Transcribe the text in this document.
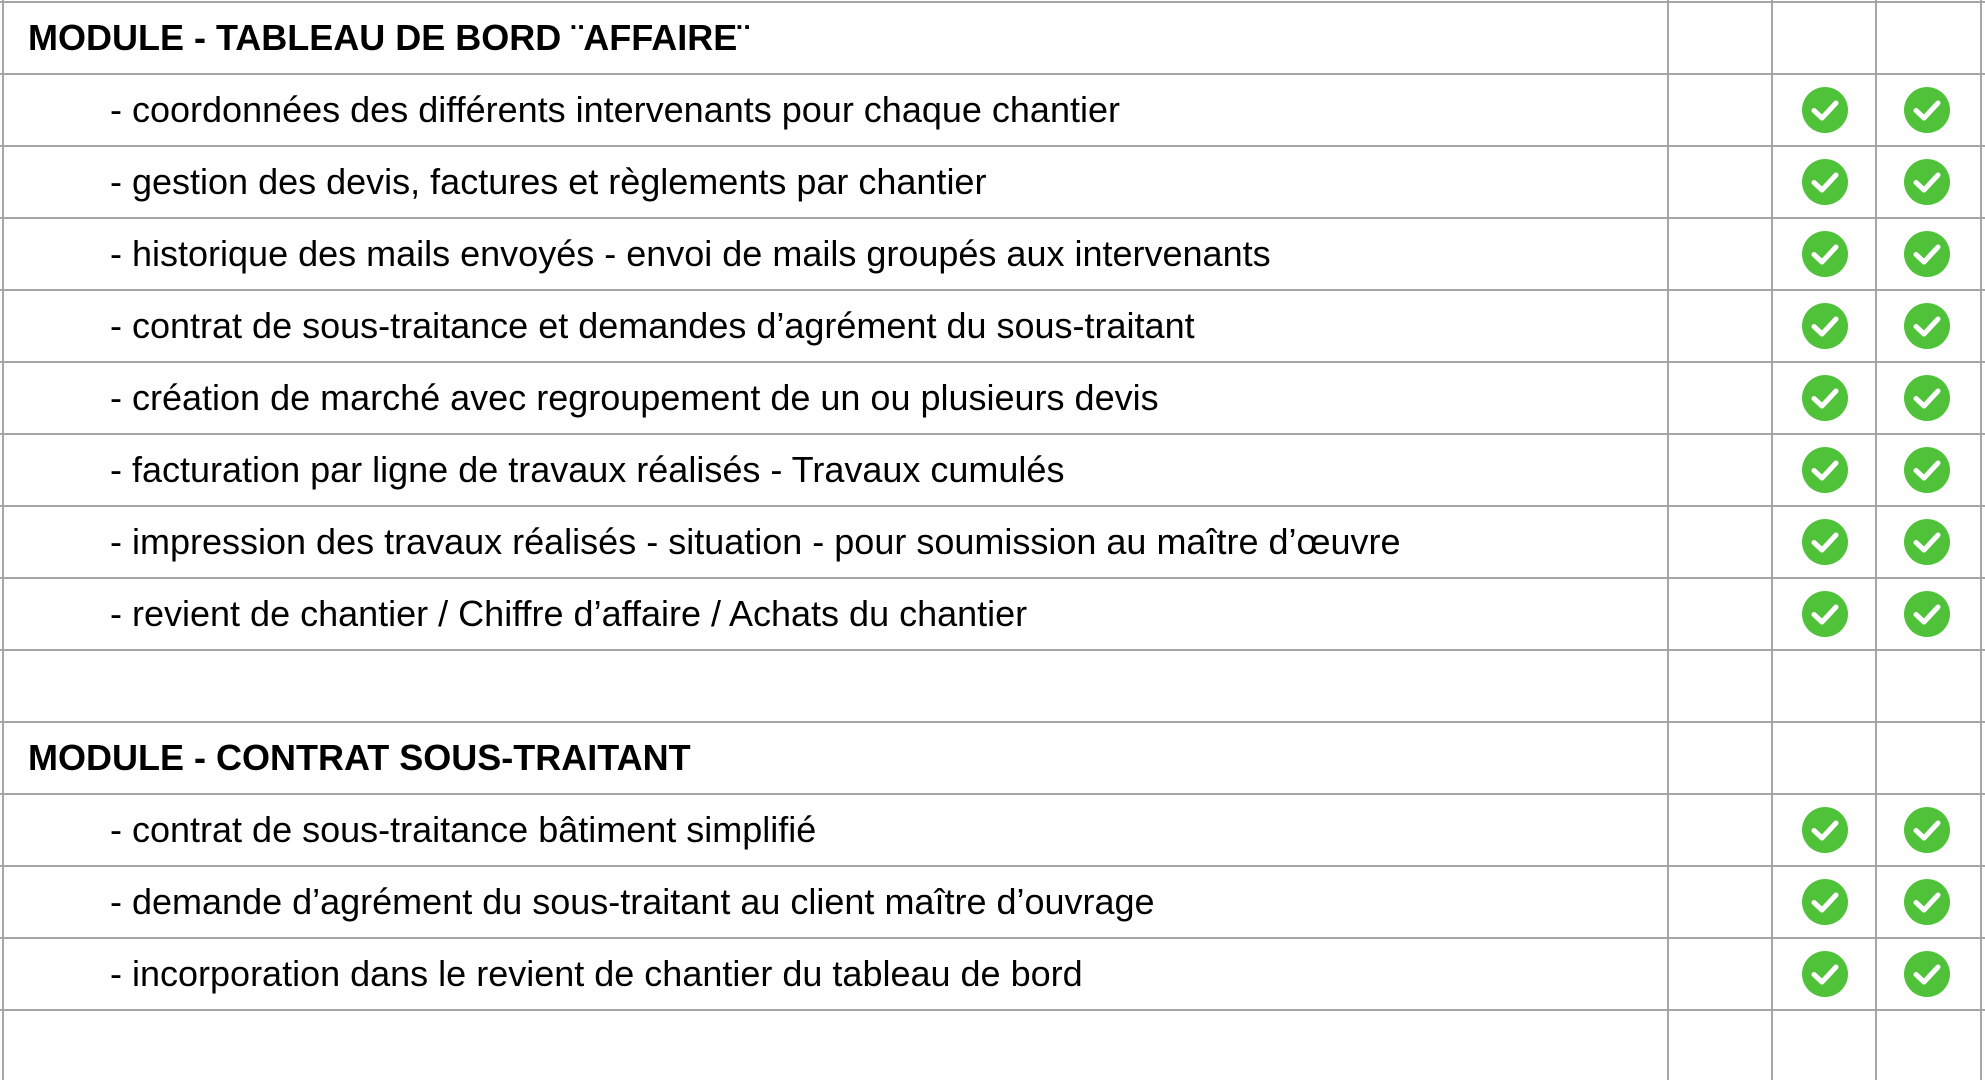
MODULE - TABLEAU DE BORD ¨AFFAIRE¨
- coordonnées des différents intervenants pour chaque chantier
- gestion des devis, factures et règlements par chantier
- historique des mails envoyés - envoi de mails groupés aux intervenants
- contrat de sous-traitance et demandes d’agrément du sous-traitant
- création de marché avec regroupement de un ou plusieurs devis
- facturation par ligne de travaux réalisés - Travaux cumulés
- impression des travaux réalisés - situation - pour soumission au maître d’œuvre
- revient de chantier / Chiffre d’affaire / Achats du chantier
MODULE - CONTRAT SOUS-TRAITANT
- contrat de sous-traitance bâtiment simplifié
- demande d’agrément du sous-traitant au client maître d’ouvrage
- incorporation dans le revient de chantier du tableau de bord
